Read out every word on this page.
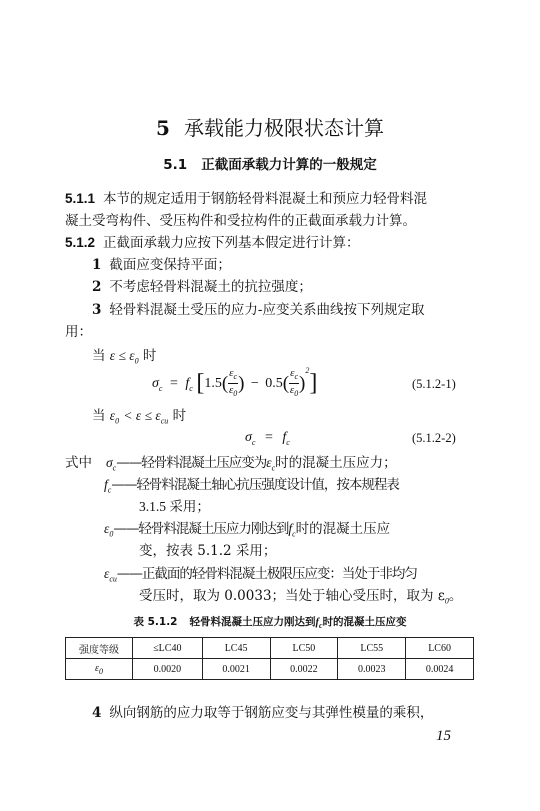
5 承载能力极限状态计算
5.1 正截面承载力计算的一般规定
5.1.1 本节的规定适用于钢筋轻骨料混凝土和预应力轻骨料混
凝土受弯构件、受压构件和受拉构件的正截面承载力计算。
5.1.2 正截面承载力应按下列基本假定进行计算：
1 截面应变保持平面；
2 不考虑轻骨料混凝土的抗拉强度；
3 轻骨料混凝土受压的应力-应变关系曲线按下列规定取
用：
当 $\varepsilon \le \varepsilon_0$ 时
$\sigma_c = f_c$ [$1.5( \frac{\varepsilon_c}{\varepsilon_0}$ ) − $0.5( \frac{\varepsilon_c}{\varepsilon_0} )^2$]	(5.1.2-1)
当 $\varepsilon_0 < \varepsilon \le \varepsilon_{cu}$ 时
$\sigma_c = f_c$	(5.1.2-2)
式中 $\sigma_c——$轻骨料混凝土压应变为$\varepsilon_c$时的混凝土压应力；
$f_c——$轻骨料混凝土轴心抗压强度设计值，按本规程表
3.1.5 采用；
$\varepsilon_0——$轻骨料混凝土压应力刚达到$f_c$时的混凝土压应
变，按表 5.1.2 采用；
$\varepsilon_{cu}——$正截面的轻骨料混凝土极限压应变：当处于非均匀
受压时，取为 0.0033；当处于轴心受压时，取为 $\varepsilon_0$。
表 5.1.2 轻骨料混凝土压应力刚达到$f_c$时的混凝土压应变
强度等级	≤LC40	LC45	LC50	LC55	LC60
$\varepsilon_0$	0.0020	0.0021	0.0022	0.0023	0.0024
4 纵向钢筋的应力取等于钢筋应变与其弹性模量的乘积，
15
